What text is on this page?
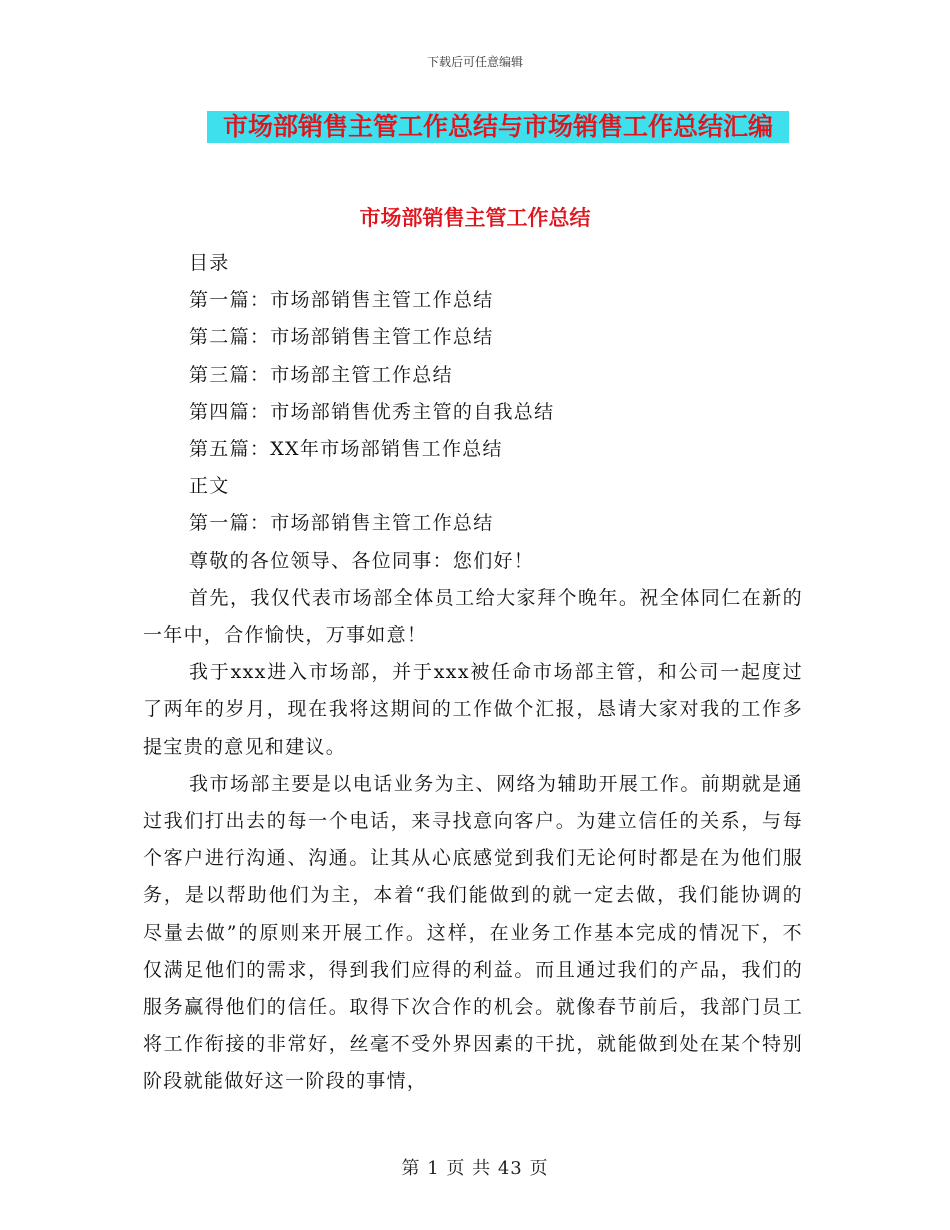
下载后可任意编辑
市场部销售主管工作总结与市场销售工作总结汇编
市场部销售主管工作总结

目录

第一篇：市场部销售主管工作总结

第二篇：市场部销售主管工作总结

第三篇：市场部主管工作总结

第四篇：市场部销售优秀主管的自我总结

第五篇：XX年市场部销售工作总结

正文

第一篇：市场部销售主管工作总结

尊敬的各位领导、各位同事：您们好！

首先，我仅代表市场部全体员工给大家拜个晚年。祝全体同仁在新的一年中，合作愉快，万事如意！

我于xxx进入市场部，并于xxx被任命市场部主管，和公司一起度过了两年的岁月，现在我将这期间的工作做个汇报，恳请大家对我的工作多提宝贵的意见和建议。

我市场部主要是以电话业务为主、网络为辅助开展工作。前期就是通过我们打出去的每一个电话，来寻找意向客户。为建立信任的关系，与每个客户进行沟通、沟通。让其从心底感觉到我们无论何时都是在为他们服务，是以帮助他们为主，本着“我们能做到的就一定去做，我们能协调的尽量去做”的原则来开展工作。这样，在业务工作基本完成的情况下，不仅满足他们的需求，得到我们应得的利益。而且通过我们的产品，我们的服务赢得他们的信任。取得下次合作的机会。就像春节前后，我部门员工将工作衔接的非常好，丝毫不受外界因素的干扰，就能做到处在某个特别阶段就能做好这一阶段的事情，

第 1 页 共 43 页
